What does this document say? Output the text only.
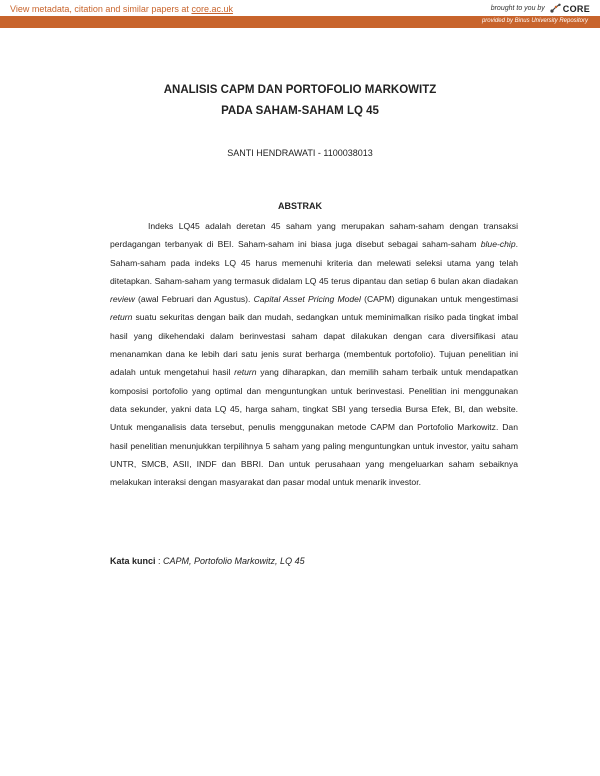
View metadata, citation and similar papers at core.ac.uk	brought to you by CORE
provided by Binus University Repository
ANALISIS CAPM DAN PORTOFOLIO MARKOWITZ
PADA SAHAM-SAHAM LQ 45
SANTI HENDRAWATI - 1100038013
ABSTRAK

Indeks LQ45 adalah deretan 45 saham yang merupakan saham-saham dengan transaksi perdagangan terbanyak di BEI. Saham-saham ini biasa juga disebut sebagai saham-saham blue-chip. Saham-saham pada indeks LQ 45 harus memenuhi kriteria dan melewati seleksi utama yang telah ditetapkan. Saham-saham yang termasuk didalam LQ 45 terus dipantau dan setiap 6 bulan akan diadakan review (awal Februari dan Agustus). Capital Asset Pricing Model (CAPM) digunakan untuk mengestimasi return suatu sekuritas dengan baik dan mudah, sedangkan untuk meminimalkan risiko pada tingkat imbal hasil yang dikehendaki dalam berinvestasi saham dapat dilakukan dengan cara diversifikasi atau menanamkan dana ke lebih dari satu jenis surat berharga (membentuk portofolio). Tujuan penelitian ini adalah untuk mengetahui hasil return yang diharapkan, dan memilih saham terbaik untuk mendapatkan komposisi portofolio yang optimal dan menguntungkan untuk berinvestasi. Penelitian ini menggunakan data sekunder, yakni data LQ 45, harga saham, tingkat SBI yang tersedia Bursa Efek, BI, dan website. Untuk menganalisis data tersebut, penulis menggunakan metode CAPM dan Portofolio Markowitz. Dan hasil penelitian menunjukkan terpilihnya 5 saham yang paling menguntungkan untuk investor, yaitu saham UNTR, SMCB, ASII, INDF dan BBRI. Dan untuk perusahaan yang mengeluarkan saham sebaiknya melakukan interaksi dengan masyarakat dan pasar modal untuk menarik investor.

Kata kunci : CAPM, Portofolio Markowitz, LQ 45
